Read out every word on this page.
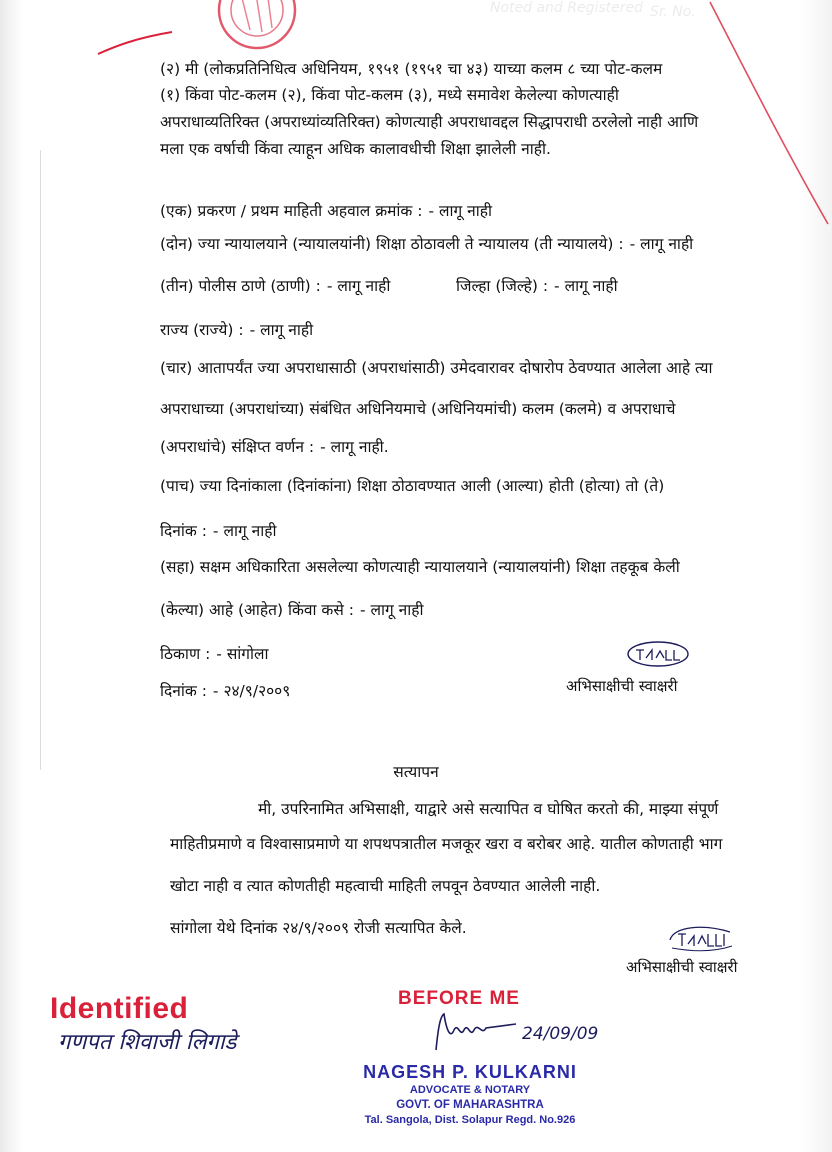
Noted and Registered Sr. No.
(२) मी (लोकप्रतिनिधित्व अधिनियम, १९५१ (१९५१ चा ४३) याच्या कलम ८ च्या पोट-कलम
(१) किंवा पोट-कलम (२), किंवा पोट-कलम (३), मध्ये समावेश केलेल्या कोणत्याही
अपराधाव्यतिरिक्त (अपराध्यांव्यतिरिक्त) कोणत्याही अपराधावद्दल सिद्धापराधी ठरलेलो नाही आणि
मला एक वर्षाची किंवा त्याहून अधिक कालावधीची शिक्षा झालेली नाही.
(एक) प्रकरण / प्रथम माहिती अहवाल क्रमांक : - लागू नाही
(दोन) ज्या न्यायालयाने (न्यायालयांनी) शिक्षा ठोठावली ते न्यायालय (ती न्यायालये) : - लागू नाही
(तीन) पोलीस ठाणे (ठाणी) : - लागू नाही	जिल्हा (जिल्हे) : - लागू नाही
राज्य (राज्ये) : - लागू नाही
(चार) आतापर्यंत ज्या अपराधासाठी (अपराधांसाठी) उमेदवारावर दोषारोप ठेवण्यात आलेला आहे त्या
अपराधाच्या (अपराधांच्या) संबंधित अधिनियमाचे (अधिनियमांची) कलम (कलमे) व अपराधाचे
(अपराधांचे) संक्षिप्त वर्णन : - लागू नाही.
(पाच) ज्या दिनांकाला (दिनांकांना) शिक्षा ठोठावण्यात आली (आल्या) होती (होत्या) तो (ते)
दिनांक : - लागू नाही
(सहा) सक्षम अधिकारिता असलेल्या कोणत्याही न्यायालयाने (न्यायालयांनी) शिक्षा तहकूब केली
(केल्या) आहे (आहेत) किंवा कसे : - लागू नाही
ठिकाण : - सांगोला
दिनांक : - २४/९/२००९	अभिसाक्षीची स्वाक्षरी
सत्यापन
मी, उपरिनामित अभिसाक्षी, याद्वारे असे सत्यापित व घोषित करतो की, माझ्या संपूर्ण
माहितीप्रमाणे व विश्वासाप्रमाणे या शपथपत्रातील मजकूर खरा व बरोबर आहे. यातील कोणताही भाग
खोटा नाही व त्यात कोणतीही महत्वाची माहिती लपवून ठेवण्यात आलेली नाही.
सांगोला येथे दिनांक २४/९/२००९ रोजी सत्यापित केले.
अभिसाक्षीची स्वाक्षरी
Identified
गणपत शिवाजी लिगाडे
BEFORE ME
24/09/09
NAGESH P. KULKARNI
ADVOCATE & NOTARY
GOVT. OF MAHARASHTRA
Tal. Sangola, Dist. Solapur Regd. No.926
